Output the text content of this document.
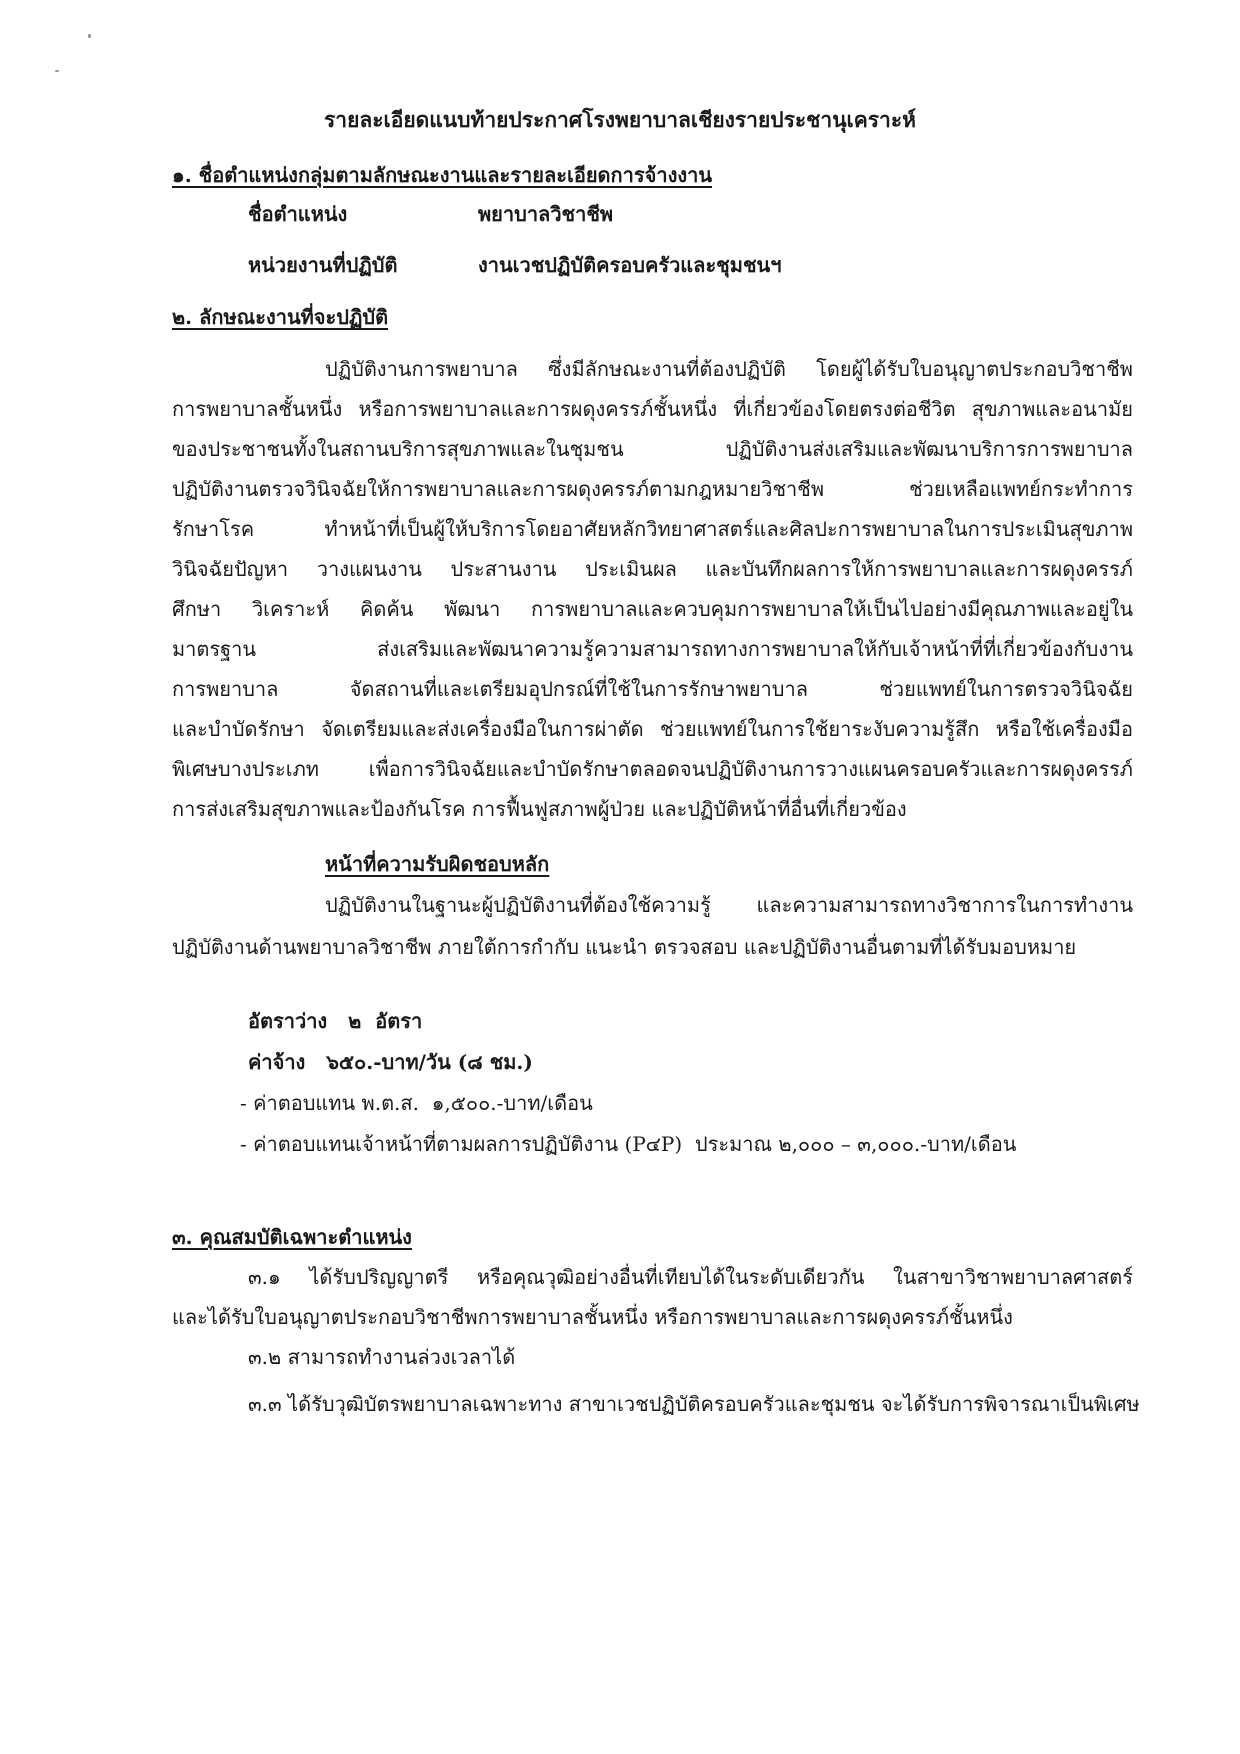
รายละเอียดแนบท้ายประกาศโรงพยาบาลเชียงรายประชานุเคราะห์
๑. ชื่อตำแหน่งกลุ่มตามลักษณะงานและรายละเอียดการจ้างงาน
ชื่อตำแหน่ง	พยาบาลวิชาชีพ
หน่วยงานที่ปฏิบัติ	งานเวชปฏิบัติครอบครัวและชุมชนฯ
๒. ลักษณะงานที่จะปฏิบัติ
ปฏิบัติงานการพยาบาล ซึ่งมีลักษณะงานที่ต้องปฏิบัติ โดยผู้ได้รับใบอนุญาตประกอบวิชาชีพ
การพยาบาลชั้นหนึ่ง หรือการพยาบาลและการผดุงครรภ์ชั้นหนึ่ง ที่เกี่ยวข้องโดยตรงต่อชีวิต สุขภาพและอนามัย
ของประชาชนทั้งในสถานบริการสุขภาพและในชุมชน ปฏิบัติงานส่งเสริมและพัฒนาบริการการพยาบาล
ปฏิบัติงานตรวจวินิจฉัยให้การพยาบาลและการผดุงครรภ์ตามกฎหมายวิชาชีพ ช่วยเหลือแพทย์กระทำการ
รักษาโรค ทำหน้าที่เป็นผู้ให้บริการโดยอาศัยหลักวิทยาศาสตร์และศิลปะการพยาบาลในการประเมินสุขภาพ
วินิจฉัยปัญหา วางแผนงาน ประสานงาน ประเมินผล และบันทึกผลการให้การพยาบาลและการผดุงครรภ์
ศึกษา วิเคราะห์ คิดค้น พัฒนา การพยาบาลและควบคุมการพยาบาลให้เป็นไปอย่างมีคุณภาพและอยู่ใน
มาตรฐาน ส่งเสริมและพัฒนาความรู้ความสามารถทางการพยาบาลให้กับเจ้าหน้าที่ที่เกี่ยวข้องกับงาน
การพยาบาล จัดสถานที่และเตรียมอุปกรณ์ที่ใช้ในการรักษาพยาบาล ช่วยแพทย์ในการตรวจวินิจฉัย
และบำบัดรักษา จัดเตรียมและส่งเครื่องมือในการผ่าตัด ช่วยแพทย์ในการใช้ยาระงับความรู้สึก หรือใช้เครื่องมือ
พิเศษบางประเภท เพื่อการวินิจฉัยและบำบัดรักษาตลอดจนปฏิบัติงานการวางแผนครอบครัวและการผดุงครรภ์
การส่งเสริมสุขภาพและป้องกันโรค การฟื้นฟูสภาพผู้ป่วย และปฏิบัติหน้าที่อื่นที่เกี่ยวข้อง
หน้าที่ความรับผิดชอบหลัก
ปฏิบัติงานในฐานะผู้ปฏิบัติงานที่ต้องใช้ความรู้ และความสามารถทางวิชาการในการทำงาน
ปฏิบัติงานด้านพยาบาลวิชาชีพ ภายใต้การกำกับ แนะนำ ตรวจสอบ และปฏิบัติงานอื่นตามที่ได้รับมอบหมาย
อัตราว่าง   ๒  อัตรา
ค่าจ้าง   ๖๕๐.-บาท/วัน (๘ ชม.)
- ค่าตอบแทน พ.ต.ส.  ๑,๕๐๐.-บาท/เดือน
- ค่าตอบแทนเจ้าหน้าที่ตามผลการปฏิบัติงาน (P๔P)  ประมาณ ๒,๐๐๐ – ๓,๐๐๐.-บาท/เดือน
๓. คุณสมบัติเฉพาะตำแหน่ง
๓.๑ ได้รับปริญญาตรี หรือคุณวุฒิอย่างอื่นที่เทียบได้ในระดับเดียวกัน ในสาขาวิชาพยาบาลศาสตร์
และได้รับใบอนุญาตประกอบวิชาชีพการพยาบาลชั้นหนึ่ง หรือการพยาบาลและการผดุงครรภ์ชั้นหนึ่ง
๓.๒ สามารถทำงานล่วงเวลาได้
๓.๓ ได้รับวุฒิบัตรพยาบาลเฉพาะทาง สาขาเวชปฏิบัติครอบครัวและชุมชน จะได้รับการพิจารณาเป็นพิเศษ
